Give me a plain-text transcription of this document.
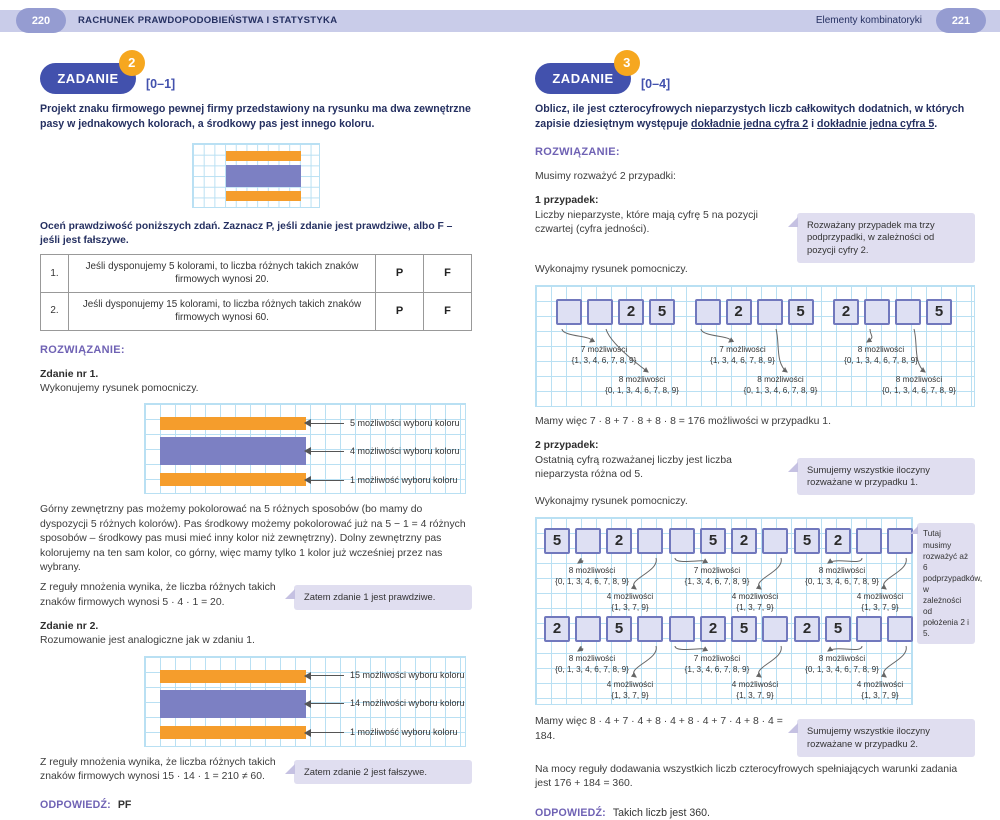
220	RACHUNEK PRAWDOPODOBIEŃSTWA I STATYSTYKA	Elementy kombinatoryki	221
ZADANIE
2
[0–1]

Projekt znaku firmowego pewnej firmy przedstawiony na rysunku ma dwa zewnętrzne pasy w jednakowych kolorach, a środkowy pas jest innego koloru.

Oceń prawdziwość poniższych zdań. Zaznacz P, jeśli zdanie jest prawdziwe, albo F – jeśli jest fałszywe.

1.	Jeśli dysponujemy 5 kolorami, to liczba różnych takich znaków firmowych wynosi 20.	P	F
2.	Jeśli dysponujemy 15 kolorami, to liczba różnych takich znaków firmowych wynosi 60.	P	F
ROZWIĄZANIE:
Zdanie nr 1.
Wykonujemy rysunek pomocniczy.
5 możliwości wyboru koloru
4 możliwości wyboru koloru
1 możliwość wyboru koloru

Górny zewnętrzny pas możemy pokolorować na 5 różnych sposobów (bo mamy do dyspozycji 5 różnych kolorów). Pas środkowy możemy pokolorować już na 5 − 1 = 4 różnych sposobów – środkowy pas musi mieć inny kolor niż zewnętrzny). Dolny zewnętrzny pas kolorujemy na ten sam kolor, co górny, więc mamy tylko 1 kolor już wcześniej przez nas wybrany.

Z reguły mnożenia wynika, że liczba różnych takich znaków firmowych wynosi 5 · 4 · 1 = 20.	Zatem zdanie 1 jest prawdziwe.
Zdanie nr 2.
Rozumowanie jest analogiczne jak w zdaniu 1.
15 możliwości wyboru koloru
14 możliwości wyboru koloru
1 możliwość wyboru koloru

Z reguły mnożenia wynika, że liczba różnych takich znaków firmowych wynosi 15 · 14 · 1 = 210 ≠ 60.	Zatem zdanie 2 jest fałszywe.
ODPOWIEDŹ: PF
ZADANIE
3
[0–4]

Oblicz, ile jest czterocyfrowych nieparzystych liczb całkowitych dodatnich, w których zapisie dziesiętnym występuje dokładnie jedna cyfra 2 i dokładnie jedna cyfra 5.

ROZWIĄZANIE:

Musimy rozważyć 2 przypadki:

1 przypadek:

Liczby nieparzyste, które mają cyfrę 5 na pozycji czwartej (cyfra jedności).	Rozważany przypadek ma trzy podprzypadki, w zależności od pozycji cyfry 2.
Wykonajmy rysunek pomocniczy.
2	5
7 możliwości
{1, 3, 4, 6, 7, 8, 9}
8 możliwości
{0, 1, 3, 4, 6, 7, 8, 9}
2	5
7 możliwości
{1, 3, 4, 6, 7, 8, 9}
8 możliwości
{0, 1, 3, 4, 6, 7, 8, 9}
2	5
8 możliwości
{0, 1, 3, 4, 6, 7, 8, 9}
8 możliwości
{0, 1, 3, 4, 6, 7, 8, 9}

Mamy więc 7 · 8 + 7 · 8 + 8 · 8 = 176 możliwości w przypadku 1.

2 przypadek:

Ostatnią cyfrą rozważanej liczby jest liczba nieparzysta różna od 5.	Sumujemy wszystkie iloczyny rozważane w przypadku 1.
Wykonajmy rysunek pomocniczy.
5	2
8 możliwości
{0, 1, 3, 4, 6, 7, 8, 9}
4 możliwości
{1, 3, 7, 9}
5	2
7 możliwości
{1, 3, 4, 6, 7, 8, 9}
4 możliwości
{1, 3, 7, 9}
5	2
8 możliwości
{0, 1, 3, 4, 6, 7, 8, 9}
4 możliwości
{1, 3, 7, 9}
2	5
8 możliwości
{0, 1, 3, 4, 6, 7, 8, 9}
4 możliwości
{1, 3, 7, 9}
2	5
7 możliwości
{1, 3, 4, 6, 7, 8, 9}
4 możliwości
{1, 3, 7, 9}
2	5
8 możliwości
{0, 1, 3, 4, 6, 7, 8, 9}
4 możliwości
{1, 3, 7, 9}
Tutaj musimy rozważyć aż 6 podprzypadków, w zależności od położenia 2 i 5.

Mamy więc 8 · 4 + 7 · 4 + 8 · 4 + 8 · 4 + 7 · 4 + 8 · 4 = 184.	Sumujemy wszystkie iloczyny rozważane w przypadku 2.

Na mocy reguły dodawania wszystkich liczb czterocyfrowych spełniających warunki zadania jest 176 + 184 = 360.

ODPOWIEDŹ: Takich liczb jest 360.
